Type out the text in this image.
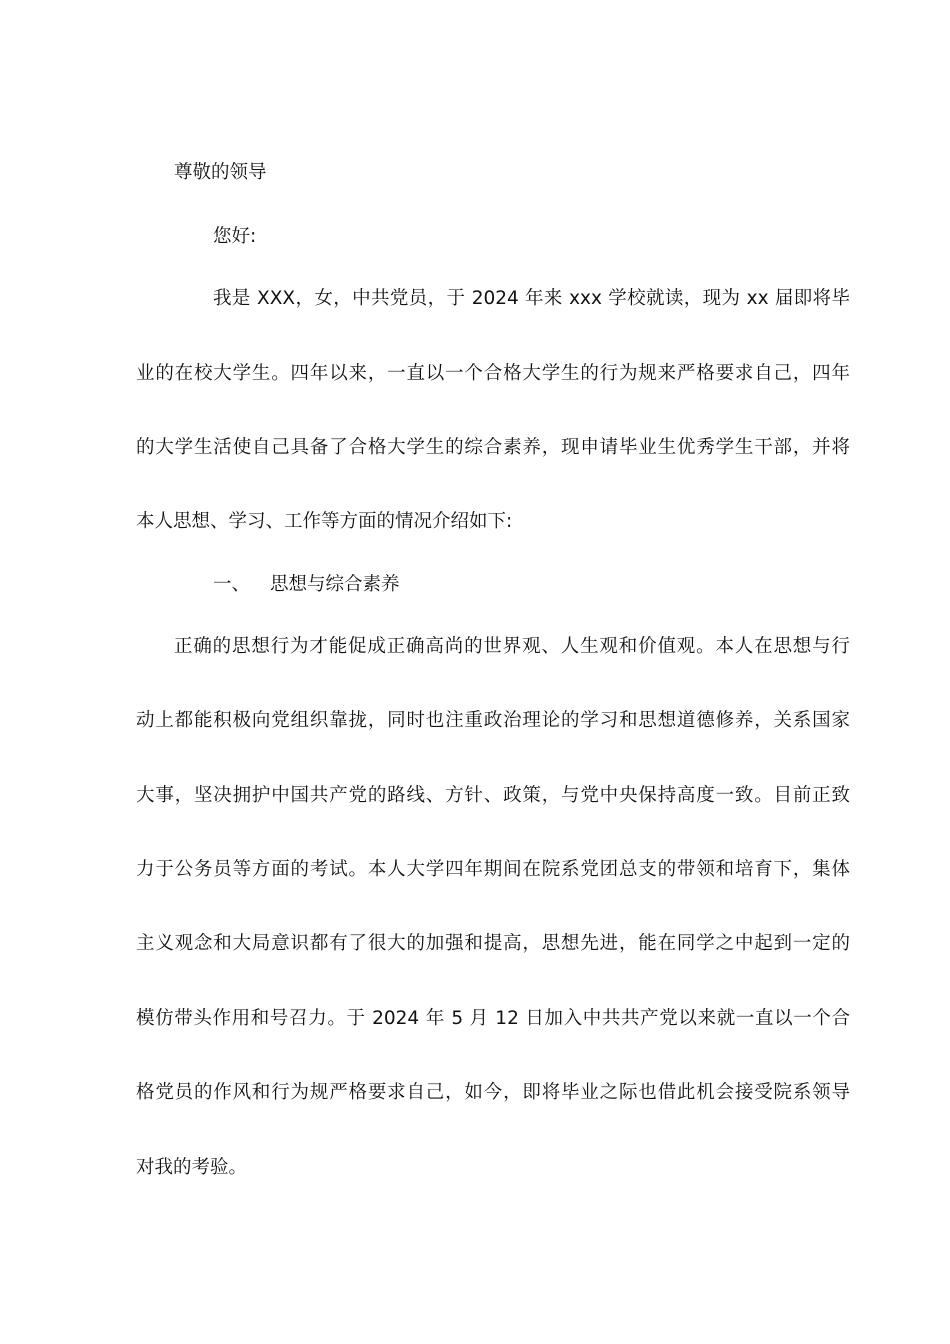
尊敬的领导
您好:
我是 XXX，女，中共党员，于 2024 年来 xxx 学校就读，现为 xx 届即将毕
业的在校大学生。四年以来，一直以一个合格大学生的行为规来严格要求自己，四年
的大学生活使自己具备了合格大学生的综合素养，现申请毕业生优秀学生干部，并将
本人思想、学习、工作等方面的情况介绍如下:
一、 思想与综合素养
正确的思想行为才能促成正确高尚的世界观、人生观和价值观。本人在思想与行
动上都能积极向党组织靠拢，同时也注重政治理论的学习和思想道德修养，关系国家
大事，坚决拥护中国共产党的路线、方针、政策，与党中央保持高度一致。目前正致
力于公务员等方面的考试。本人大学四年期间在院系党团总支的带领和培育下，集体
主义观念和大局意识都有了很大的加强和提高，思想先进，能在同学之中起到一定的
模仿带头作用和号召力。于 2024 年 5 月 12 日加入中共共产党以来就一直以一个合
格党员的作风和行为规严格要求自己，如今，即将毕业之际也借此机会接受院系领导
对我的考验。
